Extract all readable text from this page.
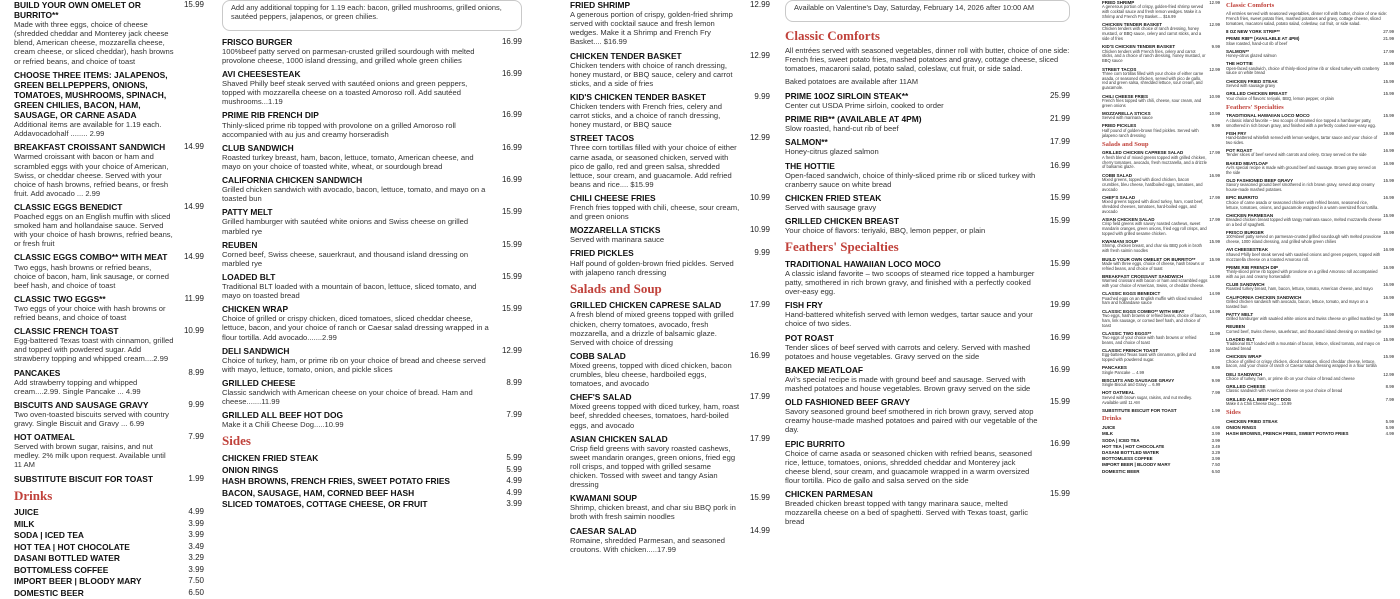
BUILD YOUR OWN OMELET OR BURRITO**
15.99
Made with three eggs, choice of cheese (shredded cheddar and Monterey jack cheese blend, American cheese, mozzarella cheese, cream cheese, or sliced cheddar), hash browns or refried beans, and choice of toast
CHOOSE THREE ITEMS: JALAPENOS, GREEN BELLPEPPERS, ONIONS, TOMATOES, MUSHROOMS, SPINACH, GREEN CHILIES, BACON, HAM, SAUSAGE, OR CARNE ASADA
Additional items are available for 1.19 each. Addavocadohalf ........ 2.99
BREAKFAST CROISSANT SANDWICH	14.99
Warmed croissant with bacon or ham and scrambled eggs with your choice of American, Swiss, or cheddar cheese. Served with your choice of hash browns, refried beans, or fresh fruit. Add avocado ... 2.99
CLASSIC EGGS BENEDICT	14.99
Poached eggs on an English muffin with sliced smoked ham and hollandaise sauce. Served with your choice of hash browns, refried beans, or fresh fruit
CLASSIC EGGS COMBO** WITH MEAT	14.99
Two eggs, hash browns or refried beans, choice of bacon, ham, link sausage, or corned beef hash, and choice of toast
CLASSIC TWO EGGS**	11.99
Two eggs of your choice with hash browns or refried beans, and choice of toast
CLASSIC FRENCH TOAST	10.99
Egg-battered Texas toast with cinnamon, grilled and topped with powdered sugar. Add strawberry topping and whipped cream....2.99
PANCAKES	8.99
Add strawberry topping and whipped cream....2.99. Single Pancake ... 4.99
BISCUITS AND SAUSAGE GRAVY	9.99
Two oven-toasted biscuits served with country gravy. Single Biscuit and Gravy ... 6.99
HOT OATMEAL	7.99
Served with brown sugar, raisins, and nut medley. 2% milk upon request. Available until 11 AM
SUBSTITUTE BISCUIT FOR TOAST	1.99
Drinks
JUICE	4.99
MILK	3.99
SODA | ICED TEA	3.99
HOT TEA | HOT CHOCOLATE	3.49
DASANI BOTTLED WATER	3.29
BOTTOMLESS COFFEE	3.99
IMPORT BEER | BLOODY MARY	7.50
DOMESTIC BEER	6.50
Add any additional topping for 1.19 each: bacon, grilled mushrooms, grilled onions, sautéed peppers, jalapenos, or green chilies.
FRISCO BURGER	16.99
100%beef patty served on parmesan-crusted grilled sourdough with melted provolone cheese, 1000 island dressing, and grilled whole green chilies
AVI CHEESESTEAK	16.99
Shaved Philly beef steak served with sautéed onions and green peppers, topped with mozzarella cheese on a toasted Amoroso roll. Add sautéed mushrooms...1.19
PRIME RIB FRENCH DIP	16.99
Thinly-sliced prime rib topped with provolone on a grilled Amoroso roll accompanied with au jus and creamy horseradish
CLUB SANDWICH	16.99
Roasted turkey breast, ham, bacon, lettuce, tomato, American cheese, and mayo on your choice of toasted white, wheat, or sourdough bread
CALIFORNIA CHICKEN SANDWICH	16.99
Grilled chicken sandwich with avocado, bacon, lettuce, tomato, and mayo on a toasted bun
PATTY MELT	15.99
Grilled hamburger with sautéed white onions and Swiss cheese on grilled marbled rye
REUBEN	15.99
Corned beef, Swiss cheese, sauerkraut, and thousand island dressing on marbled rye
LOADED BLT	15.99
Traditional BLT loaded with a mountain of bacon, lettuce, sliced tomato, and mayo on toasted bread
CHICKEN WRAP	15.99
Choice of grilled or crispy chicken, diced tomatoes, sliced cheddar cheese, lettuce, bacon, and your choice of ranch or Caesar salad dressing wrapped in a flour tortilla. Add avocado.......2.99
DELI SANDWICH	12.99
Choice of turkey, ham, or prime rib on your choice of bread and cheese served with mayo, lettuce, tomato, onion, and pickle slices
GRILLED CHEESE	8.99
Classic sandwich with American cheese on your choice of bread. Ham and cheese.......11.99
GRILLED ALL BEEF HOT DOG	7.99
Make it a Chili Cheese Dog.....10.99
Sides
CHICKEN FRIED STEAK	5.99
ONION RINGS	5.99
HASH BROWNS, FRENCH FRIES, SWEET POTATO FRIES	4.99
BACON, SAUSAGE, HAM, CORNED BEEF HASH	4.99
SLICED TOMATOES, COTTAGE CHEESE, OR FRUIT	3.99
FRIED SHRIMP	12.99
A generous portion of crispy, golden-fried shrimp served with cocktail sauce and fresh lemon wedges. Make it a Shrimp and French Fry Basket.... $16.99
CHICKEN TENDER BASKET	12.99
Chicken tenders with choice of ranch dressing, honey mustard, or BBQ sauce, celery and carrot sticks, and a side of fries
KID'S CHICKEN TENDER BASKET	9.99
Chicken tenders with French fries, celery and carrot sticks, and a choice of ranch dressing, honey mustard, or BBQ sauce
STREET TACOS	12.99
Three corn tortillas filled with your choice of either carne asada, or seasoned chicken, served with pico de gallo, red and green salsa, shredded lettuce, sour cream, and guacamole. Add refried beans and rice.... $15.99
CHILI CHEESE FRIES	10.99
French fries topped with chili, cheese, sour cream, and green onions
MOZZARELLA STICKS	10.99
Served with marinara sauce
FRIED PICKLES	9.99
Half pound of golden-brown fried pickles. Served with jalapeno ranch dressing
Salads and Soup
GRILLED CHICKEN CAPRESE SALAD	17.99
A fresh blend of mixed greens topped with grilled chicken, cherry tomatoes, avocado, fresh mozzarella, and a drizzle of balsamic glaze. Served with choice of dressing
COBB SALAD	16.99
Mixed greens, topped with diced chicken, bacon crumbles, bleu cheese, hardboiled eggs, tomatoes, and avocado
CHEF'S SALAD	17.99
Mixed greens topped with diced turkey, ham, roast beef, shredded cheeses, tomatoes, hard-boiled eggs, and avocado
ASIAN CHICKEN SALAD	17.99
Crisp field greens with savory roasted cashews, sweet mandarin oranges, green onions, fried egg roll crisps, and topped with grilled sesame chicken. Tossed with sweet and tangy Asian dressing
KWAMANI SOUP	15.99
Shrimp, chicken breast, and char siu BBQ pork in broth with fresh saimin noodles
CAESAR SALAD	14.99
Romaine, shredded Parmesan, and seasoned croutons. With chicken.....17.99
Available on Valentine's Day, Saturday, February 14, 2026 after 10:00 AM
Classic Comforts
All entrées served with seasoned vegetables, dinner roll with butter, choice of one side: French fries, sweet potato fries, mashed potatoes and gravy, cottage cheese, sliced tomatoes, macaroni salad, potato salad, coleslaw, cut fruit, or side salad.
Baked potatoes are available after 11AM
PRIME 10OZ SIRLOIN STEAK**	25.99
Center cut USDA Prime sirloin, cooked to order
PRIME RIB** (AVAILABLE AT 4PM)	21.99
Slow roasted, hand-cut rib of beef
SALMON**	17.99
Honey-citrus glazed salmon
THE HOTTIE	16.99
Open-faced sandwich, choice of thinly-sliced prime rib or sliced turkey with cranberry sauce on white bread
CHICKEN FRIED STEAK	15.99
Served with sausage gravy
GRILLED CHICKEN BREAST	15.99
Your choice of flavors: teriyaki, BBQ, lemon pepper, or plain
Feathers' Specialties
TRADITIONAL HAWAIIAN LOCO MOCO	15.99
A classic island favorite – two scoops of steamed rice topped a hamburger patty, smothered in rich brown gravy, and finished with a perfectly cooked over-easy egg.
FISH FRY	19.99
Hand-battered whitefish served with lemon wedges, tartar sauce and your choice of two sides.
POT ROAST	16.99
Tender slices of beef served with carrots and celery. Served with mashed potatoes and house vegetables. Gravy served on the side
BAKED MEATLOAF	16.99
Avi's special recipe is made with ground beef and sausage. Served with mashed potatoes and house vegetables. Brown gravy served on the side
OLD FASHIONED BEEF GRAVY	15.99
Savory seasoned ground beef smothered in rich brown gravy, served atop creamy house-made mashed potatoes and paired with our vegetable of the day.
EPIC BURRITO	16.99
Choice of carne asada or seasoned chicken with refried beans, seasoned rice, lettuce, tomatoes, onions, shredded cheddar and Monterey jack cheese blend, sour cream, and guacamole wrapped in a warm oversized flour tortilla. Pico de gallo and salsa served on the side
CHICKEN PARMESAN	15.99
Breaded chicken breast topped with tangy marinara sauce, melted mozzarella cheese on a bed of spaghetti. Served with Texas toast, garlic bread
FRIED SHRIMP	12.99
A generous portion of crispy, golden-fried shrimp served with cocktail sauce and fresh lemon wedges. Make it a Shrimp and French Fry Basket.... $16.99
CHICKEN TENDER BASKET	12.99
Chicken tenders with choice of ranch dressing, honey mustard, or BBQ sauce, celery and carrot sticks, and a side of fries
KID'S CHICKEN TENDER BASKET	9.99
Chicken tenders with French fries, celery and carrot sticks, and a choice of ranch dressing, honey mustard, or BBQ sauce
STREET TACOS	12.99
Three corn tortillas filled with your choice of either carne asada, or seasoned chicken, served with pico de gallo, red and green salsa, shredded lettuce, sour cream, and guacamole.
CHILI CHEESE FRIES	10.99
French fries topped with chili, cheese, sour cream, and green onions
MOZZARELLA STICKS	10.99
Served with marinara sauce
FRIED PICKLES	9.99
Half pound of golden-brown fried pickles. Served with jalapeno ranch dressing
Salads and Soup
GRILLED CHICKEN CAPRESE SALAD	17.99
A fresh blend of mixed greens topped with grilled chicken, cherry tomatoes, avocado, fresh mozzarella, and a drizzle of balsamic glaze.
COBB SALAD	16.99
Mixed greens, topped with diced chicken, bacon crumbles, bleu cheese, hardboiled eggs, tomatoes, and avocado
CHEF'S SALAD	17.99
Mixed greens topped with diced turkey, ham, roast beef, shredded cheeses, tomatoes, hard-boiled eggs, and avocado
ASIAN CHICKEN SALAD	17.99
Crisp field greens with savory roasted cashews, sweet mandarin oranges, green onions, fried egg roll crisps, and topped with grilled sesame chicken.
KWAMANI SOUP	15.99
Shrimp, chicken breast, and char siu BBQ pork in broth with fresh saimin noodles
BUILD YOUR OWN OMELET OR BURRITO**	15.99
Made with three eggs, choice of cheese, hash browns or refried beans, and choice of toast
BREAKFAST CROISSANT SANDWICH	14.99
Warmed croissant with bacon or ham and scrambled eggs with your choice of American, Swiss, or cheddar cheese.
CLASSIC EGGS BENEDICT	14.99
Poached eggs on an English muffin with sliced smoked ham and hollandaise sauce
CLASSIC EGGS COMBO** WITH MEAT	14.99
Two eggs, hash browns or refried beans, choice of bacon, ham, link sausage, or corned beef hash, and choice of toast
CLASSIC TWO EGGS**	11.99
Two eggs of your choice with hash browns or refried beans, and choice of toast
CLASSIC FRENCH TOAST	10.99
Egg-battered Texas toast with cinnamon, grilled and topped with powdered sugar.
PANCAKES	8.99
Single Pancake ... 4.99
BISCUITS AND SAUSAGE GRAVY	9.99
Single Biscuit and Gravy ... 6.99
HOT OATMEAL	7.99
Served with brown sugar, raisins, and nut medley. Available until 11 AM
SUBSTITUTE BISCUIT FOR TOAST	1.99
Drinks
JUICE	4.99
MILK	3.99
SODA | ICED TEA	3.99
HOT TEA | HOT CHOCOLATE	3.49
DASANI BOTTLED WATER	3.29
BOTTOMLESS COFFEE	3.99
IMPORT BEER | BLOODY MARY	7.50
DOMESTIC BEER	6.50
Classic Comforts
All entrées served with seasoned vegetables, dinner roll with butter, choice of one side: French fries, sweet potato fries, mashed potatoes and gravy, cottage cheese, sliced tomatoes, macaroni salad, potato salad, coleslaw, cut fruit, or side salad.
8 OZ NEW YORK STRIP**	27.99
PRIME RIB** (AVAILABLE AT 4PM)	21.99
Slow roasted, hand-cut rib of beef
SALMON**	17.99
Honey-citrus glazed salmon
THE HOTTIE	16.99
Open-faced sandwich, choice of thinly-sliced prime rib or sliced turkey with cranberry sauce on white bread
CHICKEN FRIED STEAK	15.99
Served with sausage gravy
GRILLED CHICKEN BREAST	15.99
Your choice of flavors: teriyaki, BBQ, lemon pepper, or plain
Feathers' Specialties
TRADITIONAL HAWAIIAN LOCO MOCO	15.99
A classic island favorite – two scoops of steamed rice topped a hamburger patty, smothered in rich brown gravy, and finished with a perfectly cooked over-easy egg.
FISH FRY	19.99
Hand-battered whitefish served with lemon wedges, tartar sauce and your choice of two sides.
POT ROAST	16.99
Tender slices of beef served with carrots and celery. Gravy served on the side
BAKED MEATLOAF	16.99
Avi's special recipe is made with ground beef and sausage. Brown gravy served on the side
OLD FASHIONED BEEF GRAVY	15.99
Savory seasoned ground beef smothered in rich brown gravy, served atop creamy house-made mashed potatoes.
EPIC BURRITO	16.99
Choice of carne asada or seasoned chicken with refried beans, seasoned rice, lettuce, tomatoes, onions, and guacamole wrapped in a warm oversized flour tortilla.
CHICKEN PARMESAN	15.99
Breaded chicken breast topped with tangy marinara sauce, melted mozzarella cheese on a bed of spaghetti.
FRISCO BURGER	16.99
100%beef patty served on parmesan-crusted grilled sourdough with melted provolone cheese, 1000 island dressing, and grilled whole green chilies
AVI CHEESESTEAK	16.99
Shaved Philly beef steak served with sautéed onions and green peppers, topped with mozzarella cheese on a toasted Amoroso roll.
PRIME RIB FRENCH DIP	16.99
Thinly-sliced prime rib topped with provolone on a grilled Amoroso roll accompanied with au jus and creamy horseradish
CLUB SANDWICH	16.99
Roasted turkey breast, ham, bacon, lettuce, tomato, American cheese, and mayo
CALIFORNIA CHICKEN SANDWICH	16.99
Grilled chicken sandwich with avocado, bacon, lettuce, tomato, and mayo on a toasted bun
PATTY MELT	15.99
Grilled hamburger with sautéed white onions and Swiss cheese on grilled marbled rye
REUBEN	15.99
Corned beef, Swiss cheese, sauerkraut, and thousand island dressing on marbled rye
LOADED BLT	15.99
Traditional BLT loaded with a mountain of bacon, lettuce, sliced tomato, and mayo on toasted bread
CHICKEN WRAP	15.99
Choice of grilled or crispy chicken, diced tomatoes, sliced cheddar cheese, lettuce, bacon, and your choice of ranch or Caesar salad dressing wrapped in a flour tortilla
DELI SANDWICH	12.99
Choice of turkey, ham, or prime rib on your choice of bread and cheese
GRILLED CHEESE	8.99
Classic sandwich with American cheese on your choice of bread
GRILLED ALL BEEF HOT DOG	7.99
Make it a Chili Cheese Dog.....10.99
Sides
CHICKEN FRIED STEAK	5.99
ONION RINGS	5.99
HASH BROWNS, FRENCH FRIES, SWEET POTATO FRIES	4.99
